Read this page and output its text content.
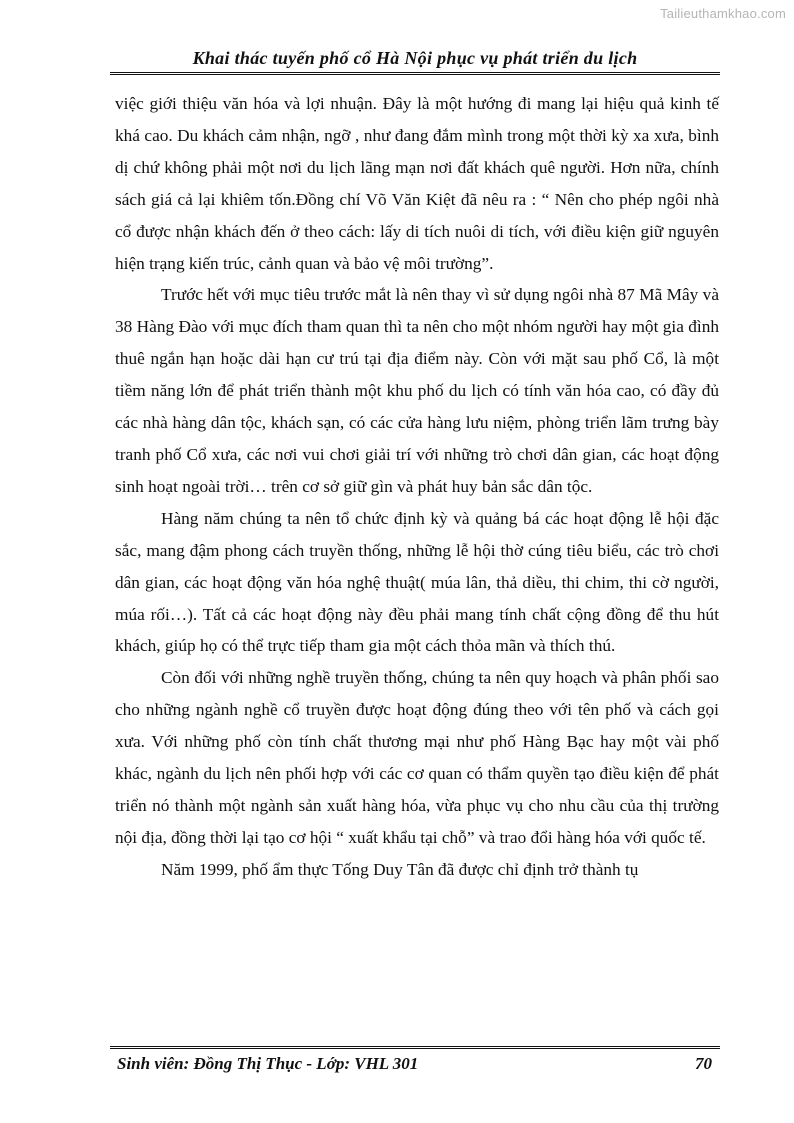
Tailieuthamkhao.com
Khai thác tuyến phố cổ Hà Nội phục vụ phát triển du lịch

việc giới thiệu văn hóa và lợi nhuận. Đây là một hướng đi mang lại hiệu quả kinh tế khá cao. Du khách cảm nhận, ngỡ , như đang đắm mình trong một thời kỳ xa xưa, bình dị chứ không phải một nơi du lịch lãng mạn nơi đất khách quê người. Hơn nữa, chính sách giá cả lại khiêm tốn.Đồng chí Võ Văn Kiệt đã nêu ra : “ Nên cho phép ngôi nhà cổ được nhận khách đến ở theo cách: lấy di tích nuôi di tích, với điều kiện giữ nguyên hiện trạng kiến trúc, cảnh quan và bảo vệ môi trường”.

Trước hết với mục tiêu trước mắt là nên thay vì sử dụng ngôi nhà 87 Mã Mây và 38 Hàng Đào với mục đích tham quan thì ta nên cho một nhóm người hay một gia đình thuê ngắn hạn hoặc dài hạn cư trú tại địa điểm này. Còn với mặt sau phố Cổ, là một tiềm năng lớn để phát triển thành một khu phố du lịch có tính văn hóa cao, có đầy đủ các nhà hàng dân tộc, khách sạn, có các cửa hàng lưu niệm, phòng triển lãm trưng bày tranh phố Cổ xưa, các nơi vui chơi giải trí với những trò chơi dân gian, các hoạt động sinh hoạt ngoài trời… trên cơ sở giữ gìn và phát huy bản sắc dân tộc.

Hàng năm chúng ta nên tổ chức định kỳ và quảng bá các hoạt động lễ hội đặc sắc, mang đậm phong cách truyền thống, những lễ hội thờ cúng tiêu biểu, các trò chơi dân gian, các hoạt động văn hóa nghệ thuật( múa lân, thả diều, thi chim, thi cờ người, múa rối…). Tất cả các hoạt động này đều phải mang tính chất cộng đồng để thu hút khách, giúp họ có thể trực tiếp tham gia một cách thỏa mãn và thích thú.

Còn đối với những nghề truyền thống, chúng ta nên quy hoạch và phân phối sao cho những ngành nghề cổ truyền được hoạt động đúng theo với tên phố và cách gọi xưa. Với những phố còn tính chất thương mại như phố Hàng Bạc hay một vài phố khác, ngành du lịch nên phối hợp với các cơ quan có thẩm quyền tạo điều kiện để phát triển nó thành một ngành sản xuất hàng hóa, vừa phục vụ cho nhu cầu của thị trường nội địa, đồng thời lại tạo cơ hội “ xuất khẩu tại chỗ” và trao đổi hàng hóa với quốc tế.

Năm 1999, phố ẩm thực Tống Duy Tân đã được chỉ định trở thành tụ

Sinh viên: Đồng Thị Thục - Lớp: VHL 301	70
